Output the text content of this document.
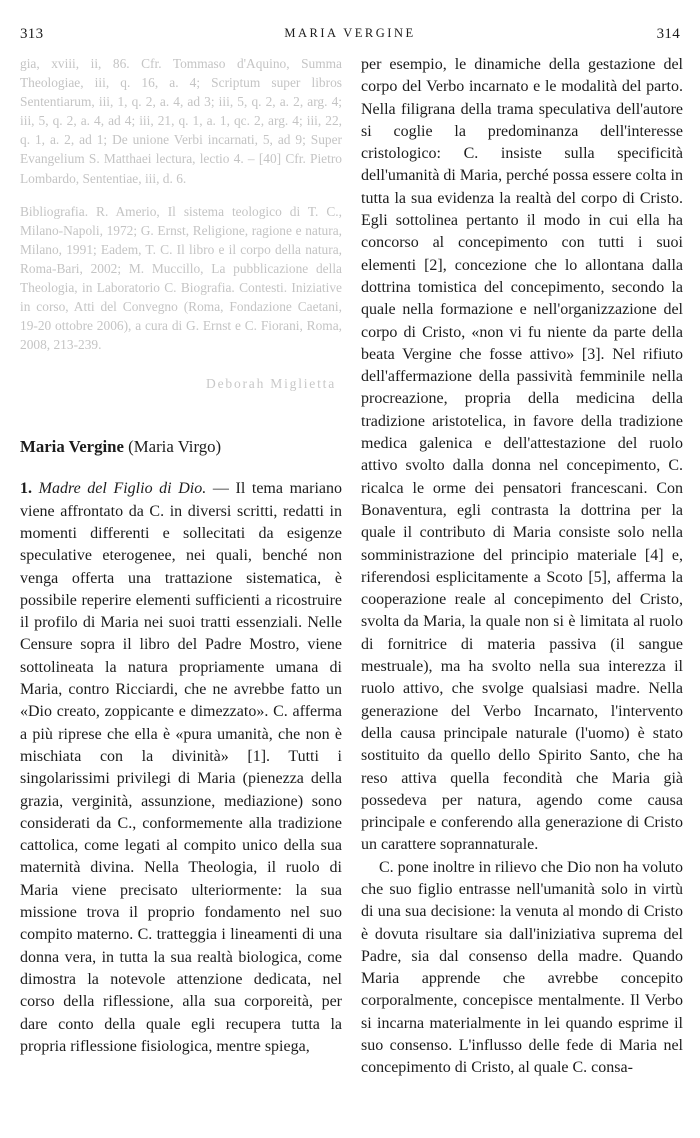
313	MARIA VERGINE	314

gia, xviii, ii, 86. Cfr. Tommaso d'Aquino, Summa Theologiae, iii, q. 16, a. 4; Scriptum super libros Sententiarum, iii, 1, q. 2, a. 4, ad 3; iii, 5, q. 2, a. 2, arg. 4; iii, 5, q. 2, a. 4, ad 4; iii, 21, q. 1, a. 1, qc. 2, arg. 4; iii, 22, q. 1, a. 2, ad 1; De unione Verbi incarnati, 5, ad 9; Super Evangelium S. Matthaei lectura, lectio 4. – [40] Cfr. Pietro Lombardo, Sententiae, iii, d. 6.

Bibliografia. R. Amerio, Il sistema teologico di T. C., Milano-Napoli, 1972; G. Ernst, Religione, ragione e natura, Milano, 1991; Eadem, T. C. Il libro e il corpo della natura, Roma-Bari, 2002; M. Muccillo, La pubblicazione della Theologia, in Laboratorio C. Biografia. Contesti. Iniziative in corso, Atti del Convegno (Roma, Fondazione Caetani, 19-20 ottobre 2006), a cura di G. Ernst e C. Fiorani, Roma, 2008, 213-239.

Deborah Miglietta
Maria Vergine (Maria Virgo)

1. Madre del Figlio di Dio. — Il tema mariano viene affrontato da C. in diversi scritti, redatti in momenti differenti e sollecitati da esigenze speculative eterogenee, nei quali, benché non venga offerta una trattazione sistematica, è possibile reperire elementi sufficienti a ricostruire il profilo di Maria nei suoi tratti essenziali. Nelle Censure sopra il libro del Padre Mostro, viene sottolineata la natura propriamente umana di Maria, contro Ricciardi, che ne avrebbe fatto un «Dio creato, zoppicante e dimezzato». C. afferma a più riprese che ella è «pura umanità, che non è mischiata con la divinità» [1]. Tutti i singolarissimi privilegi di Maria (pienezza della grazia, verginità, assunzione, mediazione) sono considerati da C., conformemente alla tradizione cattolica, come legati al compito unico della sua maternità divina. Nella Theologia, il ruolo di Maria viene precisato ulteriormente: la sua missione trova il proprio fondamento nel suo compito materno. C. tratteggia i lineamenti di una donna vera, in tutta la sua realtà biologica, come dimostra la notevole attenzione dedicata, nel corso della riflessione, alla sua corporeità, per dare conto della quale egli recupera tutta la propria riflessione fisiologica, mentre spiega,

per esempio, le dinamiche della gestazione del corpo del Verbo incarnato e le modalità del parto. Nella filigrana della trama speculativa dell'autore si coglie la predominanza dell'interesse cristologico: C. insiste sulla specificità dell'umanità di Maria, perché possa essere colta in tutta la sua evidenza la realtà del corpo di Cristo. Egli sottolinea pertanto il modo in cui ella ha concorso al concepimento con tutti i suoi elementi [2], concezione che lo allontana dalla dottrina tomistica del concepimento, secondo la quale nella formazione e nell'organizzazione del corpo di Cristo, «non vi fu niente da parte della beata Vergine che fosse attivo» [3]. Nel rifiuto dell'affermazione della passività femminile nella procreazione, propria della medicina della tradizione aristotelica, in favore della tradizione medica galenica e dell'attestazione del ruolo attivo svolto dalla donna nel concepimento, C. ricalca le orme dei pensatori francescani. Con Bonaventura, egli contrasta la dottrina per la quale il contributo di Maria consiste solo nella somministrazione del principio materiale [4] e, riferendosi esplicitamente a Scoto [5], afferma la cooperazione reale al concepimento del Cristo, svolta da Maria, la quale non si è limitata al ruolo di fornitrice di materia passiva (il sangue mestruale), ma ha svolto nella sua interezza il ruolo attivo, che svolge qualsiasi madre. Nella generazione del Verbo Incarnato, l'intervento della causa principale naturale (l'uomo) è stato sostituito da quello dello Spirito Santo, che ha reso attiva quella fecondità che Maria già possedeva per natura, agendo come causa principale e conferendo alla generazione di Cristo un carattere soprannaturale.

C. pone inoltre in rilievo che Dio non ha voluto che suo figlio entrasse nell'umanità solo in virtù di una sua decisione: la venuta al mondo di Cristo è dovuta risultare sia dall'iniziativa suprema del Padre, sia dal consenso della madre. Quando Maria apprende che avrebbe concepito corporalmente, concepisce mentalmente. Il Verbo si incarna materialmente in lei quando esprime il suo consenso. L'influsso delle fede di Maria nel concepimento di Cristo, al quale C. consa-
